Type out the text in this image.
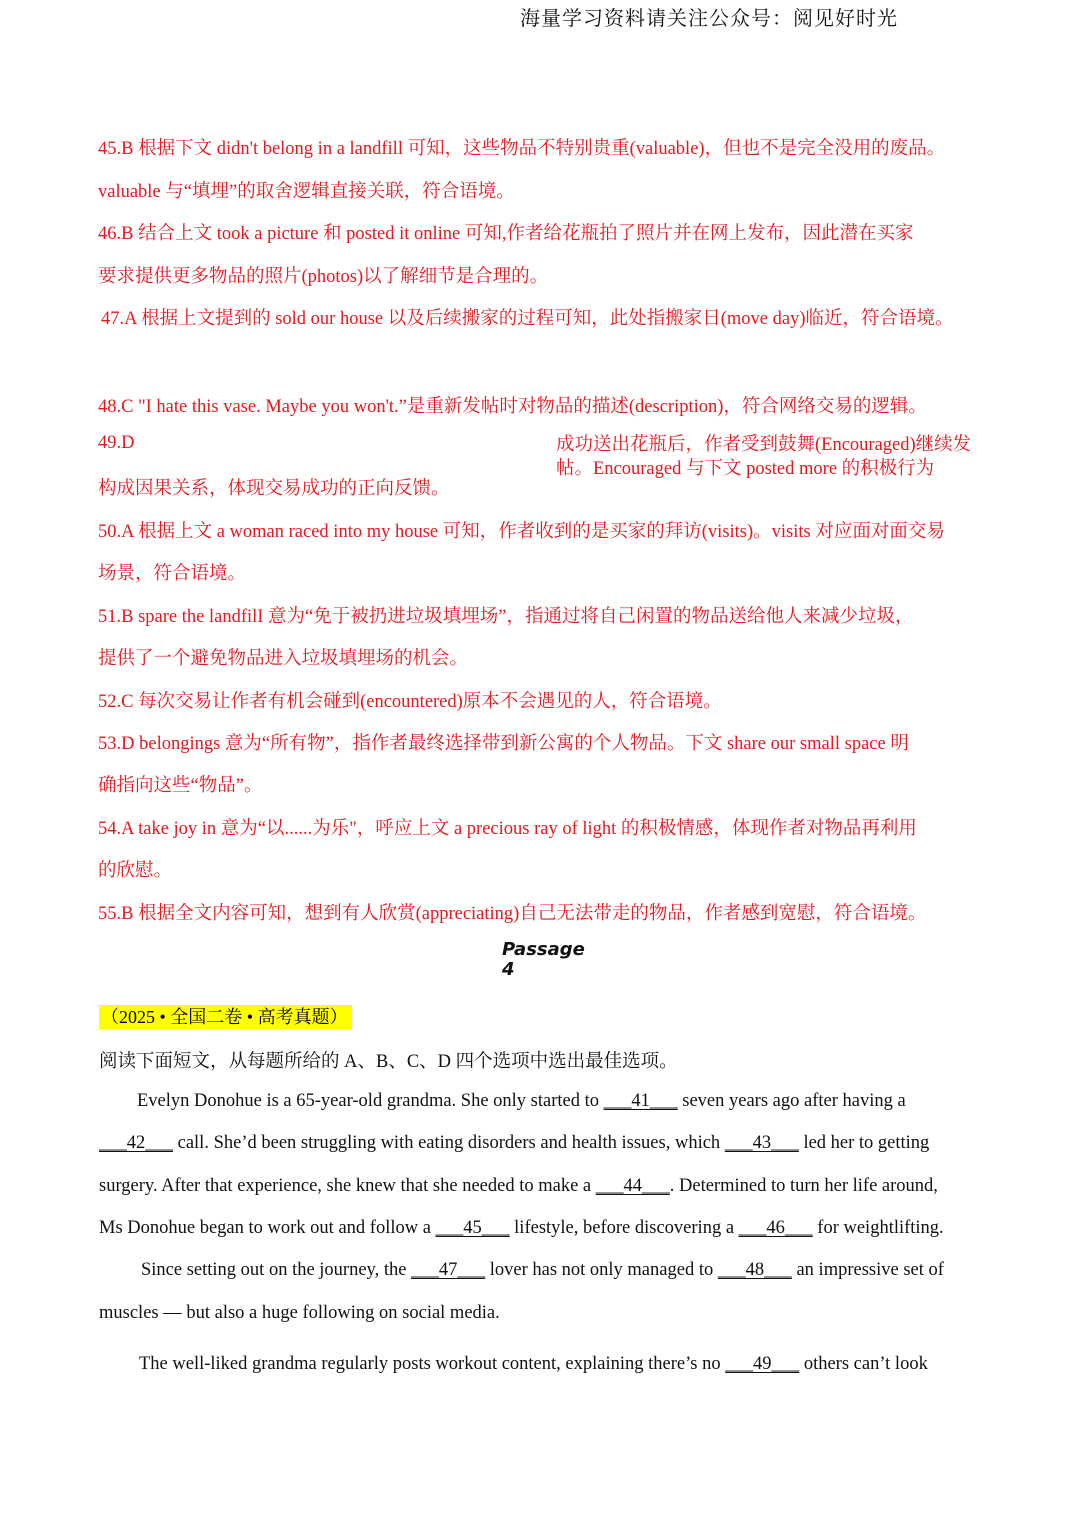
海量学习资料请关注公众号：阅见好时光
45.B 根据下文 didn't belong in a landfill 可知，这些物品不特别贵重(valuable)，但也不是完全没用的废品。
valuable 与“填埋”的取舍逻辑直接关联，符合语境。
46.B 结合上文 took a picture 和 posted it online 可知,作者给花瓶拍了照片并在网上发布，因此潜在买家
要求提供更多物品的照片(photos)以了解细节是合理的。
47.A 根据上文提到的 sold our house 以及后续搬家的过程可知，此处指搬家日(move day)临近，符合语境。
48.C "I hate this vase. Maybe you won't.”是重新发帖时对物品的描述(description)，符合网络交易的逻辑。
49.D	成功送出花瓶后，作者受到鼓舞(Encouraged)继续发
帖。Encouraged 与下文 posted more 的积极行为
构成因果关系，体现交易成功的正向反馈。
50.A 根据上文 a woman raced into my house 可知，作者收到的是买家的拜访(visits)。visits 对应面对面交易
场景，符合语境。
51.B spare the landfilI 意为“免于被扔进垃圾填埋场”，指通过将自己闲置的物品送给他人来减少垃圾，
提供了一个避免物品进入垃圾填埋场的机会。
52.C 每次交易让作者有机会碰到(encountered)原本不会遇见的人，符合语境。
53.D belongings 意为“所有物”，指作者最终选择带到新公寓的个人物品。下文 share our small space 明
确指向这些“物品”。
54.A take joy in 意为“以......为乐"，呼应上文 a precious ray of light 的积极情感，体现作者对物品再利用
的欣慰。
55.B 根据全文内容可知，想到有人欣赏(appreciating)自己无法带走的物品，作者感到宽慰，符合语境。
Passage
4
（2025 • 全国二卷 • 高考真题）
阅读下面短文，从每题所给的 A、B、C、D 四个选项中选出最佳选项。
Evelyn Donohue is a 65-year-old grandma. She only started to ___41___ seven years ago after having a
___42___ call. She’d been struggling with eating disorders and health issues, which ___43___ led her to getting
surgery. After that experience, she knew that she needed to make a ___44___. Determined to turn her life around,
Ms Donohue began to work out and follow a ___45___ lifestyle, before discovering a ___46___ for weightlifting.
Since setting out on the journey, the ___47___ lover has not only managed to ___48___ an impressive set of
muscles — but also a huge following on social media.
The well-liked grandma regularly posts workout content, explaining there’s no ___49___ others can’t look
